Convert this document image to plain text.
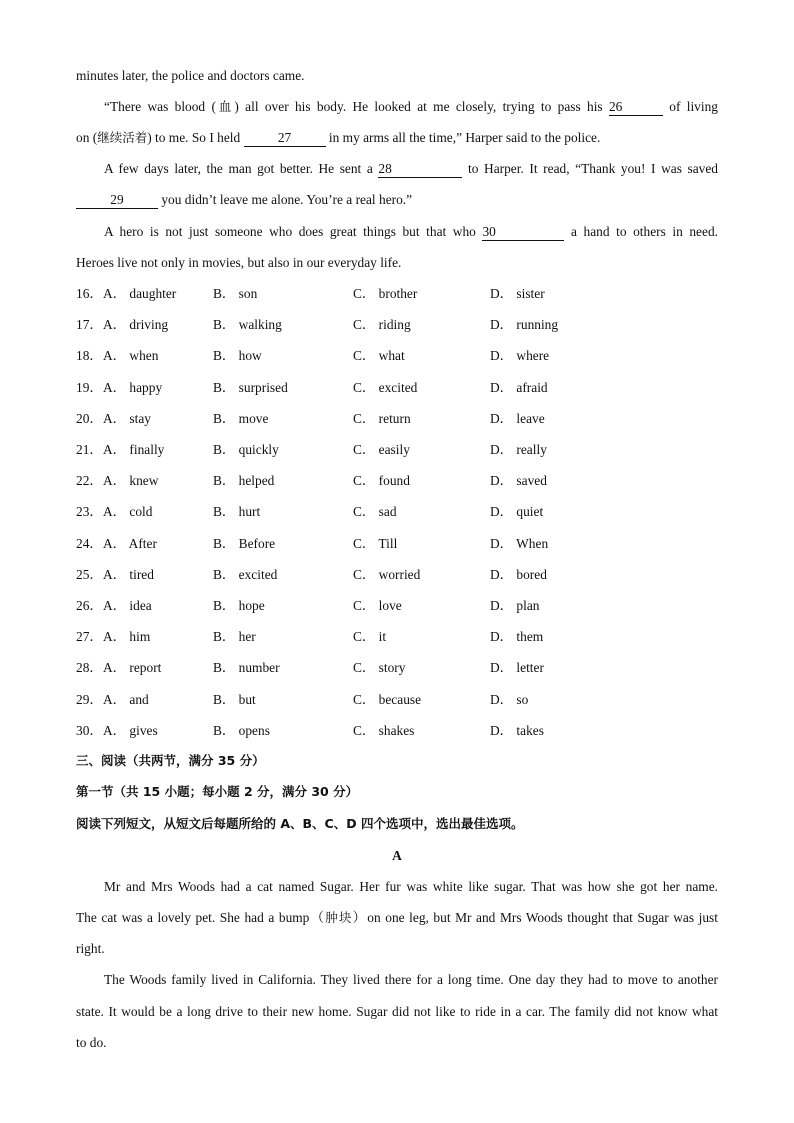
minutes later, the police and doctors came.
“There was blood (血) all over his body. He looked at me closely, trying to pass his 26	of living
on (继续活着) to me. So I held	27	in my arms all the time,” Harper said to the police.
A few days later, the man got better. He sent a 28	to Harper. It read, “Thank you! I was saved
29	you didn’t leave me alone. You’re a real hero.”
A hero is not just someone who does great things but that who 30	a hand to others in need.
Heroes live not only in movies, but also in our everyday life.
16． A． daughter	B． son	C． brother	D． sister
17． A． driving	B． walking	C． riding	D． running
18． A． when	B． how	C． what	D． where
19． A． happy	B． surprised	C． excited	D． afraid
20． A． stay	B． move	C． return	D． leave
21． A． finally	B． quickly	C． easily	D． really
22． A． knew	B． helped	C． found	D． saved
23． A． cold	B． hurt	C． sad	D． quiet
24． A． After	B． Before	C． Till	D． When
25． A． tired	B． excited	C． worried	D． bored
26． A． idea	B． hope	C． love	D． plan
27． A． him	B． her	C． it	D． them
28． A． report	B． number	C． story	D． letter
29． A． and	B． but	C． because	D． so
30． A． gives	B． opens	C． shakes	D． takes
三、阅读（共两节，满分 35 分）
第一节（共 15 小题；每小题 2 分，满分 30 分）
阅读下列短文，从短文后每题所给的 A、B、C、D 四个选项中，选出最佳选项。
A
Mr and Mrs Woods had a cat named Sugar. Her fur was white like sugar. That was how she got her name.
The cat was a lovely pet. She had a bump（肿块）on one leg, but Mr and Mrs Woods thought that Sugar was just
right.
The Woods family lived in California. They lived there for a long time. One day they had to move to another
state. It would be a long drive to their new home. Sugar did not like to ride in a car. The family did not know what
to do.
